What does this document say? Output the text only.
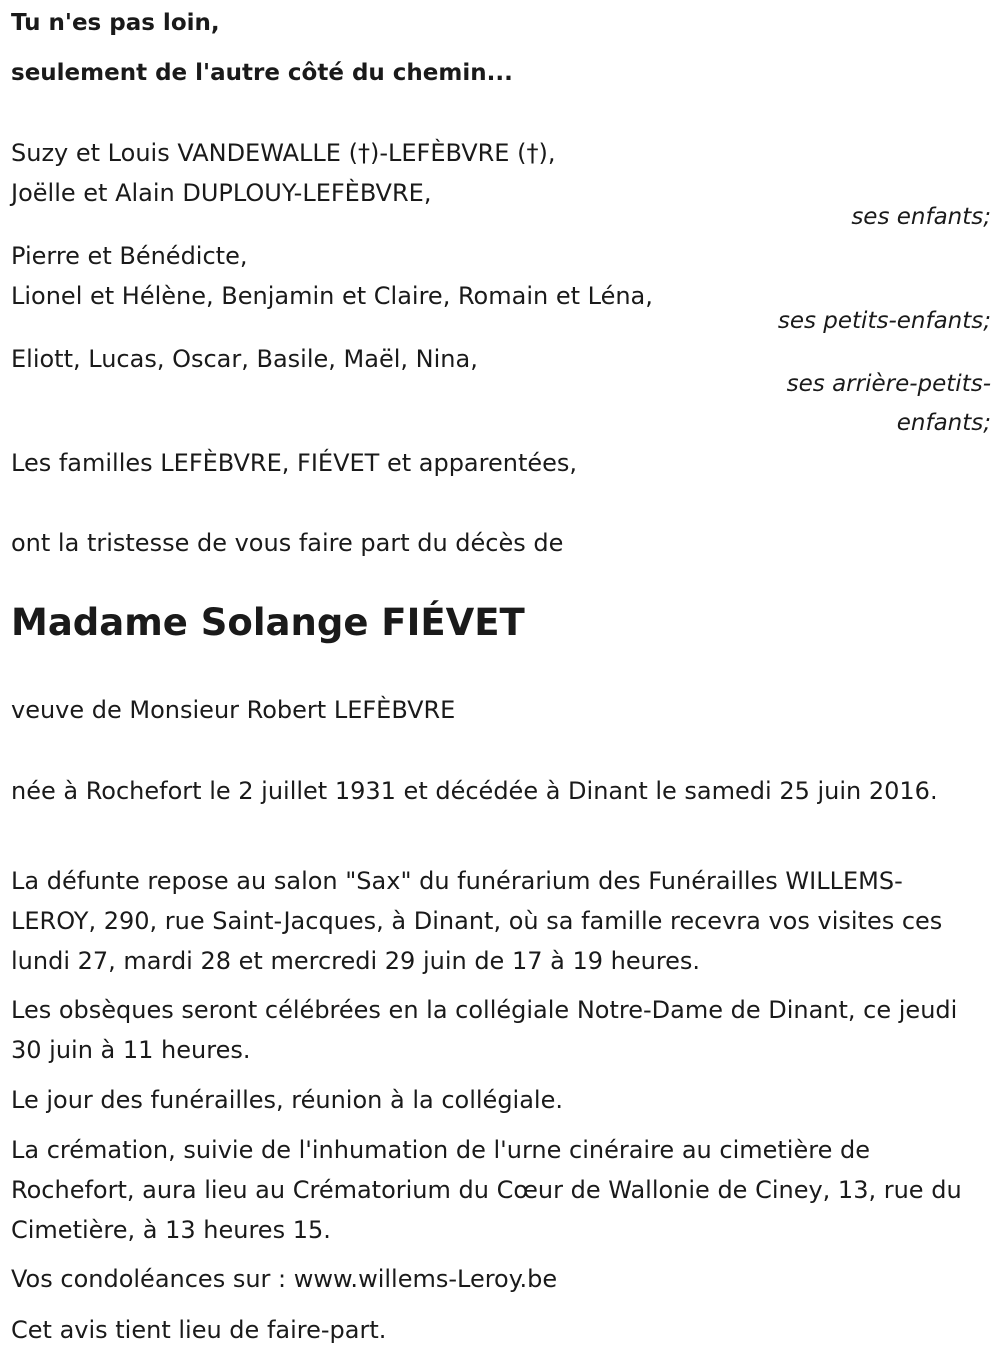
Tu n'es pas loin,
seulement de l'autre côté du chemin...
Suzy et Louis VANDEWALLE (†)-LEFÈBVRE (†),
Joëlle et Alain DUPLOUY-LEFÈBVRE,
ses enfants;
Pierre et Bénédicte,
Lionel et Hélène, Benjamin et Claire, Romain et Léna,
ses petits-enfants;
Eliott, Lucas, Oscar, Basile, Maël, Nina,
ses arrière-petits-
enfants;
Les familles LEFÈBVRE, FIÉVET et apparentées,
ont la tristesse de vous faire part du décès de
Madame Solange FIÉVET
veuve de Monsieur Robert LEFÈBVRE
née à Rochefort le 2 juillet 1931 et décédée à Dinant le samedi 25 juin 2016.
La défunte repose au salon "Sax" du funérarium des Funérailles WILLEMS-LEROY, 290, rue Saint-Jacques, à Dinant, où sa famille recevra vos visites ces lundi 27, mardi 28 et mercredi 29 juin de 17 à 19 heures.
Les obsèques seront célébrées en la collégiale Notre-Dame de Dinant, ce jeudi 30 juin à 11 heures.
Le jour des funérailles, réunion à la collégiale.
La crémation, suivie de l'inhumation de l'urne cinéraire au cimetière de Rochefort, aura lieu au Crématorium du Cœur de Wallonie de Ciney, 13, rue du Cimetière, à 13 heures 15.
Vos condoléances sur : www.willems-Leroy.be
Cet avis tient lieu de faire-part.
